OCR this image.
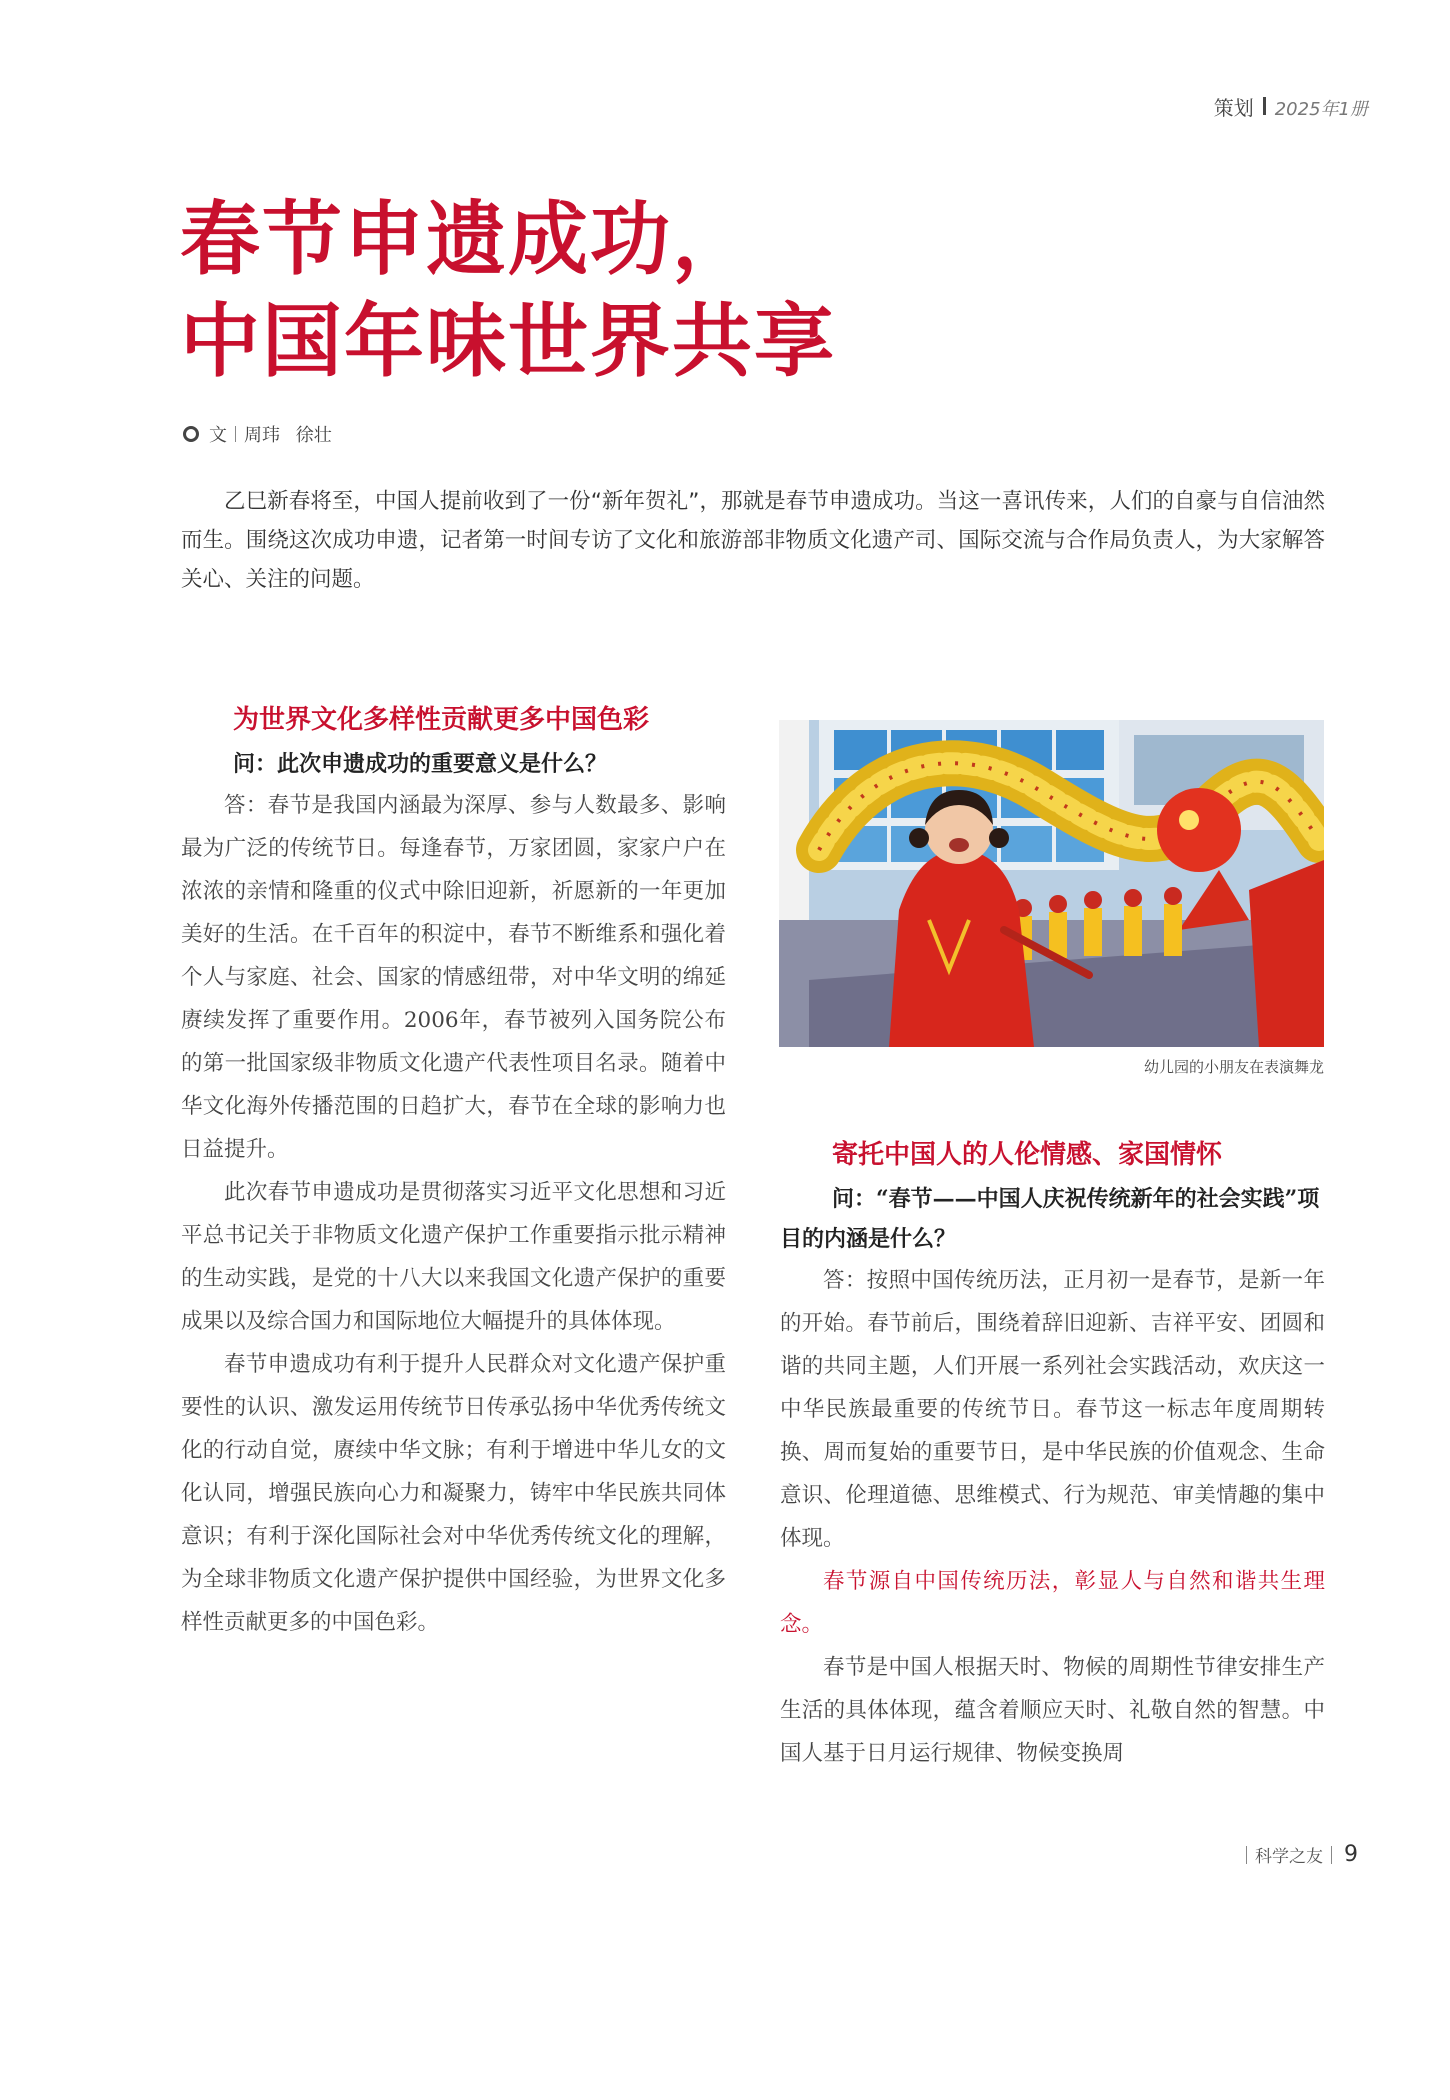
策划 2025年1册
春节申遗成功，
中国年味世界共享
文 周玮 徐壮

乙巳新春将至，中国人提前收到了一份“新年贺礼”，那就是春节申遗成功。当这一喜讯传来，人们的自豪与自信油然而生。围绕这次成功申遗，记者第一时间专访了文化和旅游部非物质文化遗产司、国际交流与合作局负责人，为大家解答关心、关注的问题。

为世界文化多样性贡献更多中国色彩

问：此次申遗成功的重要意义是什么？

答：春节是我国内涵最为深厚、参与人数最多、影响最为广泛的传统节日。每逢春节，万家团圆，家家户户在浓浓的亲情和隆重的仪式中除旧迎新，祈愿新的一年更加美好的生活。在千百年的积淀中，春节不断维系和强化着个人与家庭、社会、国家的情感纽带，对中华文明的绵延赓续发挥了重要作用。2006年，春节被列入国务院公布的第一批国家级非物质文化遗产代表性项目名录。随着中华文化海外传播范围的日趋扩大，春节在全球的影响力也日益提升。

此次春节申遗成功是贯彻落实习近平文化思想和习近平总书记关于非物质文化遗产保护工作重要指示批示精神的生动实践，是党的十八大以来我国文化遗产保护的重要成果以及综合国力和国际地位大幅提升的具体体现。

春节申遗成功有利于提升人民群众对文化遗产保护重要性的认识、激发运用传统节日传承弘扬中华优秀传统文化的行动自觉，赓续中华文脉；有利于增进中华儿女的文化认同，增强民族向心力和凝聚力，铸牢中华民族共同体意识；有利于深化国际社会对中华优秀传统文化的理解，为全球非物质文化遗产保护提供中国经验，为世界文化多样性贡献更多的中国色彩。

幼儿园的小朋友在表演舞龙
寄托中国人的人伦情感、家国情怀

问：“春节——中国人庆祝传统新年的社会实践”项目的内涵是什么？

答：按照中国传统历法，正月初一是春节，是新一年的开始。春节前后，围绕着辞旧迎新、吉祥平安、团圆和谐的共同主题，人们开展一系列社会实践活动，欢庆这一中华民族最重要的传统节日。春节这一标志年度周期转换、周而复始的重要节日，是中华民族的价值观念、生命意识、伦理道德、思维模式、行为规范、审美情趣的集中体现。

春节源自中国传统历法，彰显人与自然和谐共生理念。

春节是中国人根据天时、物候的周期性节律安排生产生活的具体体现，蕴含着顺应天时、礼敬自然的智慧。中国人基于日月运行规律、物候变换周

科学之友 9
